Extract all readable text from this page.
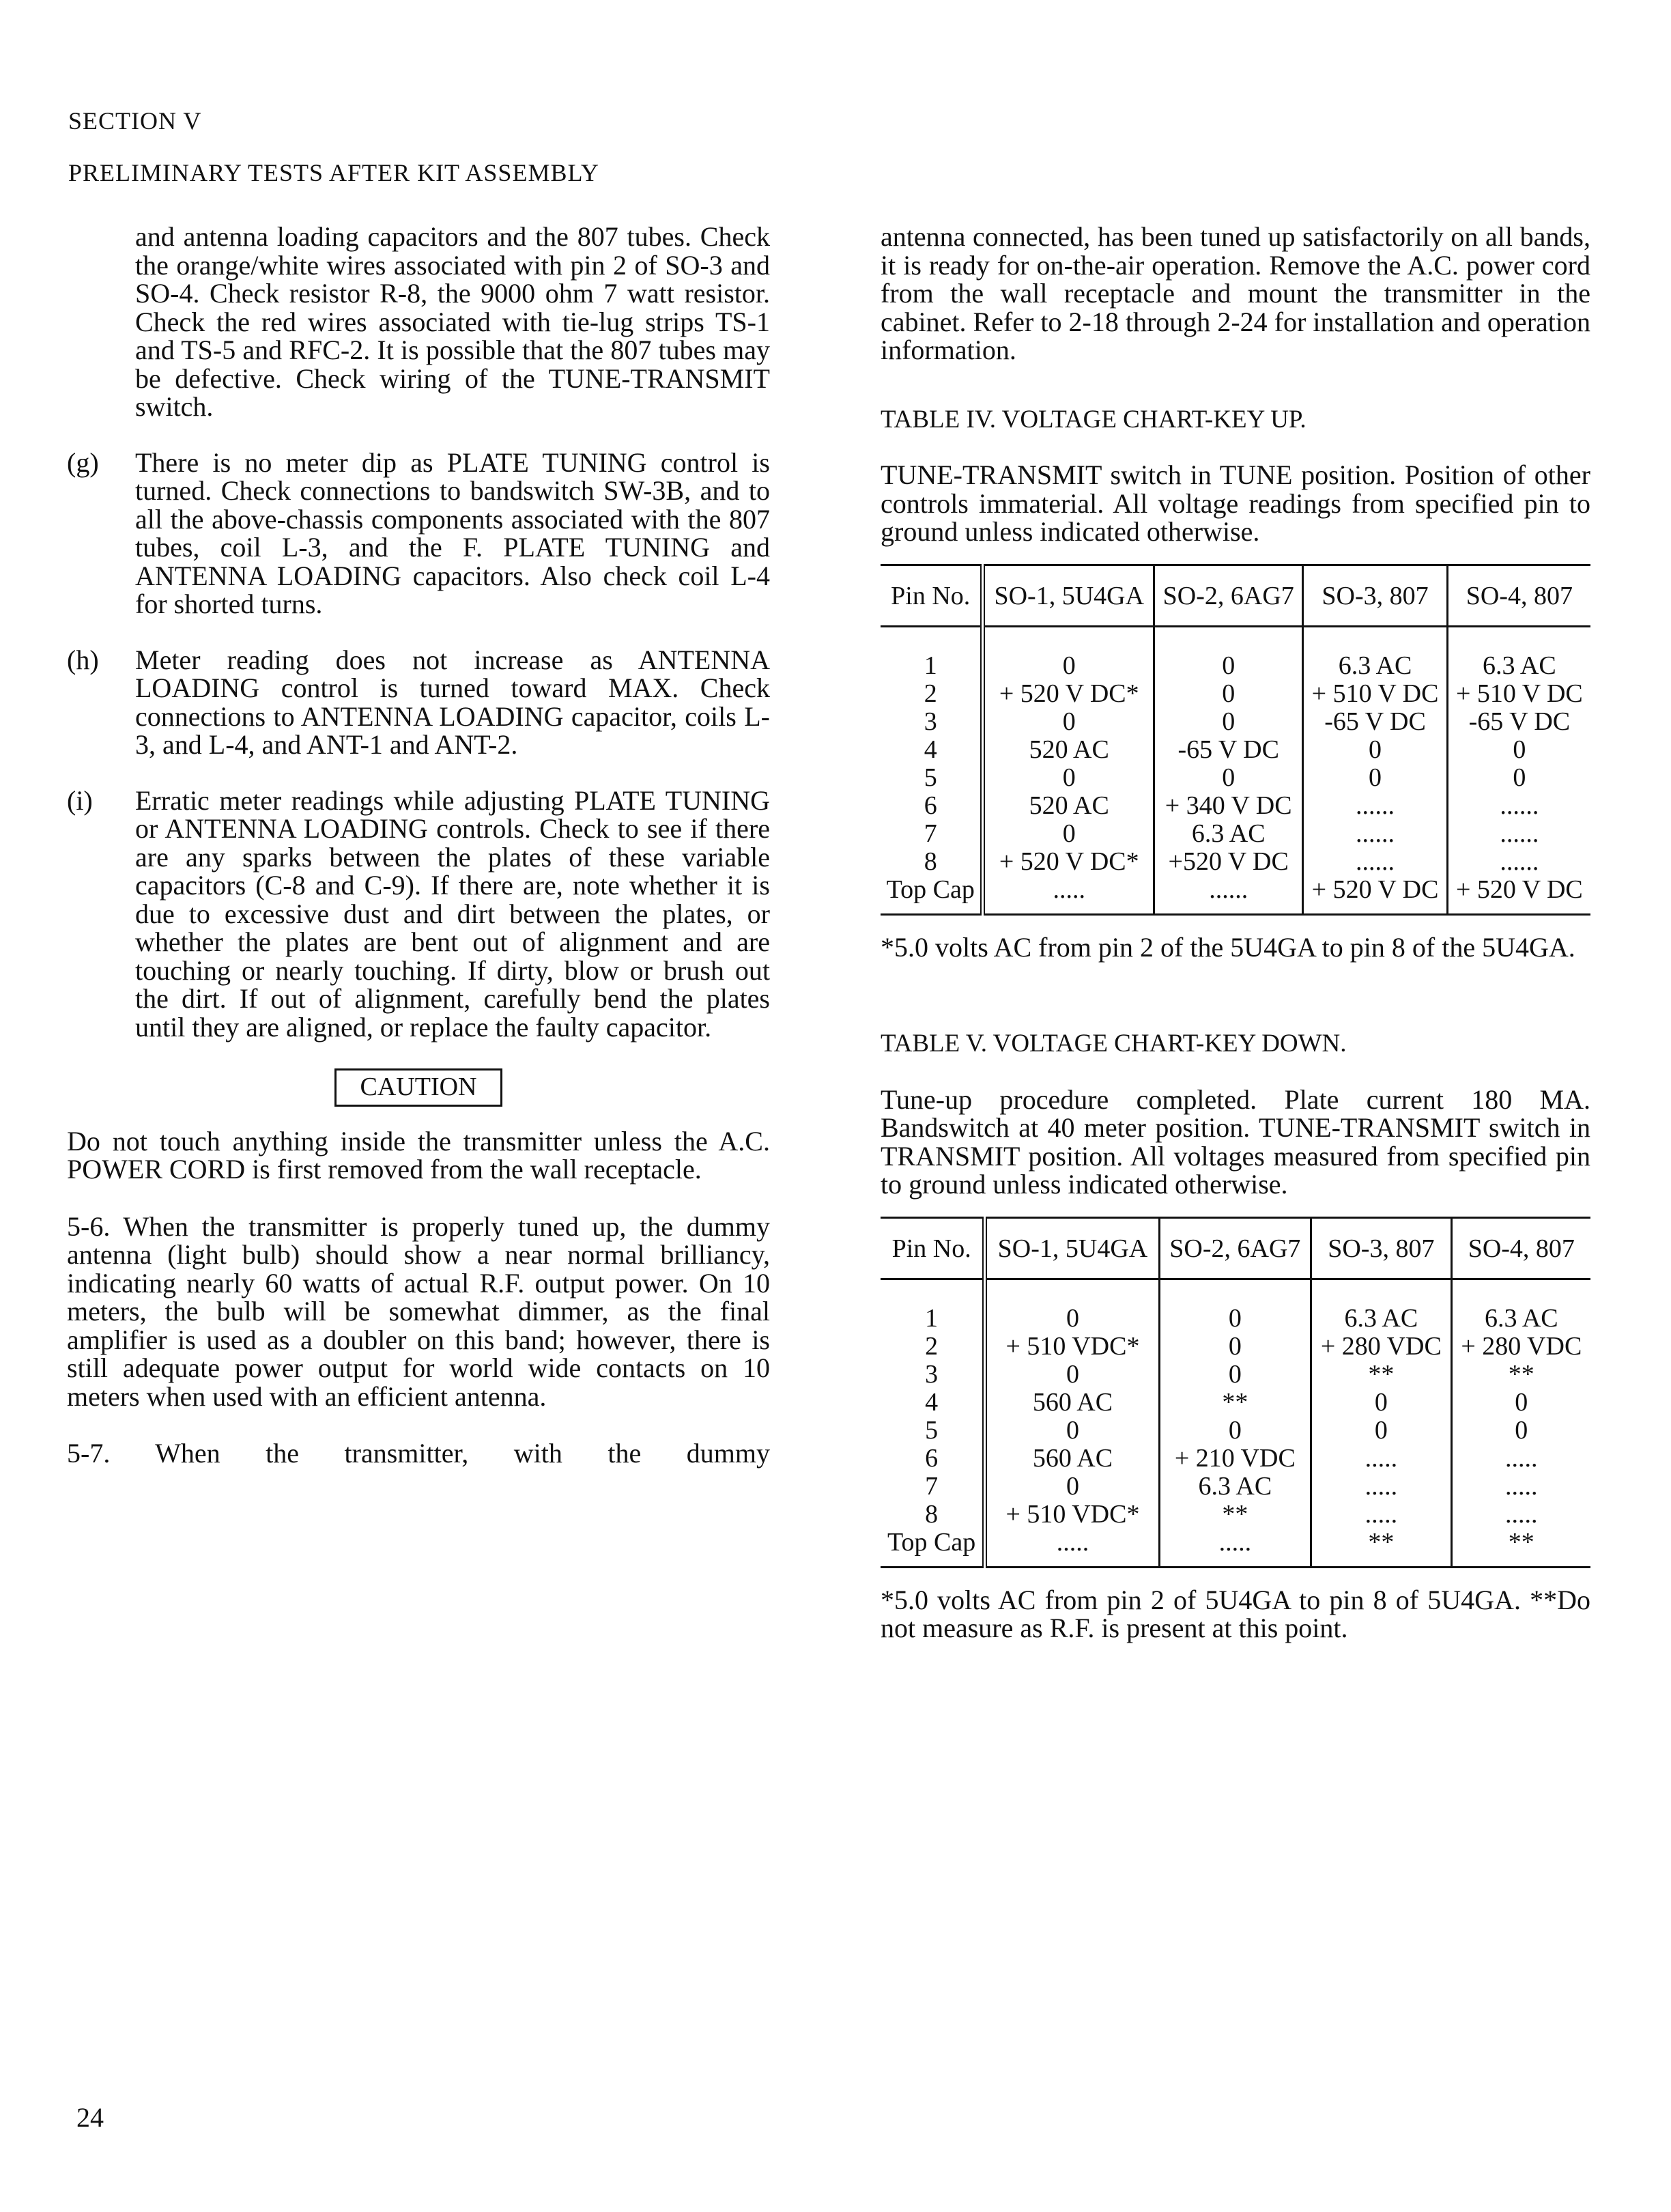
SECTION V
PRELIMINARY TESTS AFTER KIT ASSEMBLY

and antenna loading capacitors and the 807 tubes. Check the orange/white wires associated with pin 2 of SO-3 and SO-4. Check resistor R-8, the 9000 ohm 7 watt resistor. Check the red wires associated with tie-lug strips TS-1 and TS-5 and RFC-2. It is possible that the 807 tubes may be defective. Check wiring of the TUNE-TRANSMIT switch.

(g)	There is no meter dip as PLATE TUNING control is turned. Check connections to bandswitch SW-3B, and to all the above-chassis components associated with the 807 tubes, coil L-3, and the F. PLATE TUNING and ANTENNA LOADING capacitors. Also check coil L-4 for shorted turns.

(h)	Meter reading does not increase as ANTENNA LOADING control is turned toward MAX. Check connections to ANTENNA LOADING capacitor, coils L-3, and L-4, and ANT-1 and ANT-2.

(i)	Erratic meter readings while adjusting PLATE TUNING or ANTENNA LOADING controls. Check to see if there are any sparks between the plates of these variable capacitors (C-8 and C-9). If there are, note whether it is due to excessive dust and dirt between the plates, or whether the plates are bent out of alignment and are touching or nearly touching. If dirty, blow or brush out the dirt. If out of alignment, carefully bend the plates until they are aligned, or replace the faulty capacitor.

CAUTION

Do not touch anything inside the transmitter unless the A.C. POWER CORD is first removed from the wall receptacle.

5-6. When the transmitter is properly tuned up, the dummy antenna (light bulb) should show a near normal brilliancy, indicating nearly 60 watts of actual R.F. output power. On 10 meters, the bulb will be somewhat dimmer, as the final amplifier is used as a doubler on this band; however, there is still adequate power output for world wide contacts on 10 meters when used with an efficient antenna.

5-7. When the transmitter, with the dummy

antenna connected, has been tuned up satisfactorily on all bands, it is ready for on-the-air operation. Remove the A.C. power cord from the wall receptacle and mount the transmitter in the cabinet. Refer to 2-18 through 2-24 for installation and operation information.

TABLE IV. VOLTAGE CHART-KEY UP.

TUNE-TRANSMIT switch in TUNE position. Position of other controls immaterial. All voltage readings from specified pin to ground unless indicated otherwise.

Pin No.	SO-1, 5U4GA	SO-2, 6AG7	SO-3, 807	SO-4, 807
1	0	0	6.3 AC	6.3 AC
2	+ 520 V DC*	0	+ 510 V DC	+ 510 V DC
3	0	0	-65 V DC	-65 V DC
4	520 AC	-65 V DC	0	0
5	0	0	0	0
6	520 AC	+ 340 V DC	......	......
7	0	6.3 AC	......	......
8	+ 520 V DC*	+520 V DC	......	......
Top Cap	.....	......	+ 520 V DC	+ 520 V DC

*5.0 volts AC from pin 2 of the 5U4GA to pin 8 of the 5U4GA.

TABLE V. VOLTAGE CHART-KEY DOWN.

Tune-up procedure completed. Plate current 180 MA. Bandswitch at 40 meter position. TUNE-TRANSMIT switch in TRANSMIT position. All voltages measured from specified pin to ground unless indicated otherwise.

Pin No.	SO-1, 5U4GA	SO-2, 6AG7	SO-3, 807	SO-4, 807
1	0	0	6.3 AC	6.3 AC
2	+ 510 VDC*	0	+ 280 VDC	+ 280 VDC
3	0	0	**	**
4	560 AC	**	0	0
5	0	0	0	0
6	560 AC	+ 210 VDC	.....	.....
7	0	6.3 AC	.....	.....
8	+ 510 VDC*	**	.....	.....
Top Cap	.....	.....	**	**

*5.0 volts AC from pin 2 of 5U4GA to pin 8 of 5U4GA. **Do not measure as R.F. is present at this point.

24
